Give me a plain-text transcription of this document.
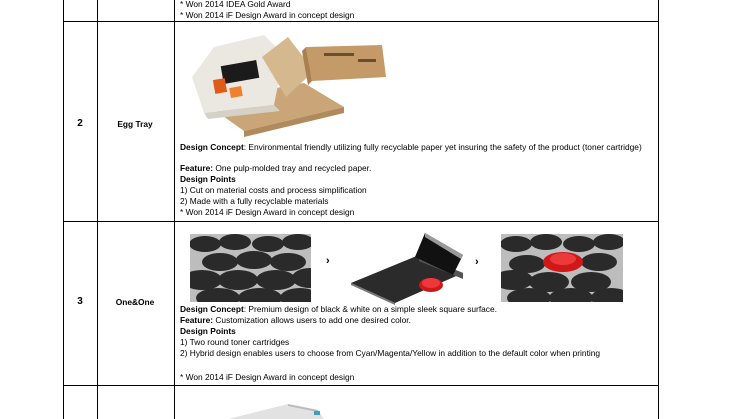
* Won 2014 IDEA Gold Award
* Won 2014 iF Design Award in concept design
2	Egg Tray
Design Concept: Environmental friendly utilizing fully recyclable paper yet insuring the safety of the product (toner cartridge)
Feature: One pulp-molded tray and recycled paper.
Design Points
1) Cut on material costs and process simplification
2) Made with a fully recyclable materials
* Won 2014 iF Design Award in concept design
3	One&One
›	›
Design Concept: Premium design of black & white on a simple sleek square surface.
Feature: Customization allows users to add one desired color.
Design Points
1) Two round toner cartridges
2) Hybrid design enables users to choose from Cyan/Magenta/Yellow in addition to the default color when printing
* Won 2014 iF Design Award in concept design
